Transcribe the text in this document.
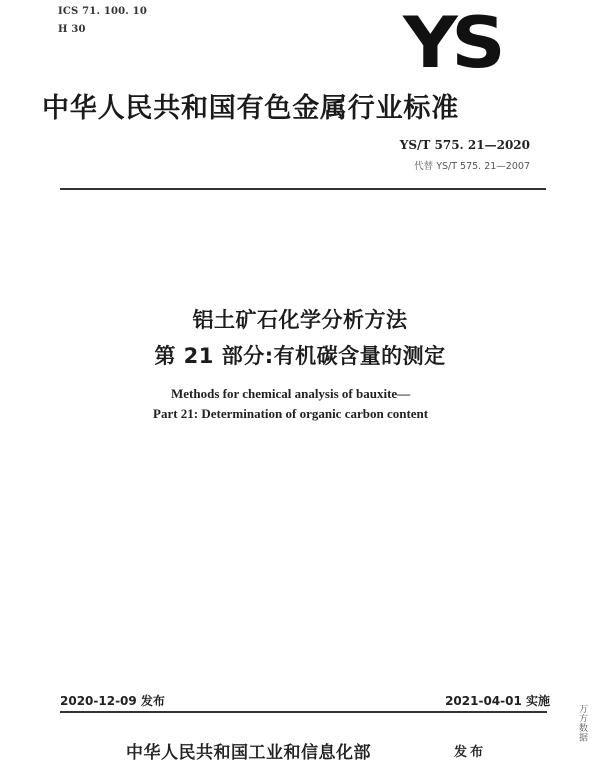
ICS 71. 100. 10
H 30	YS
中华人民共和国有色金属行业标准
YS/T 575. 21—2020
代替 YS/T 575. 21—2007
铝土矿石化学分析方法
第 21 部分:有机碳含量的测定
Methods for chemical analysis of bauxite—
Part 21: Determination of organic carbon content
2020-12-09 发布	2021-04-01 实施
中华人民共和国工业和信息化部	发布
万方数据
